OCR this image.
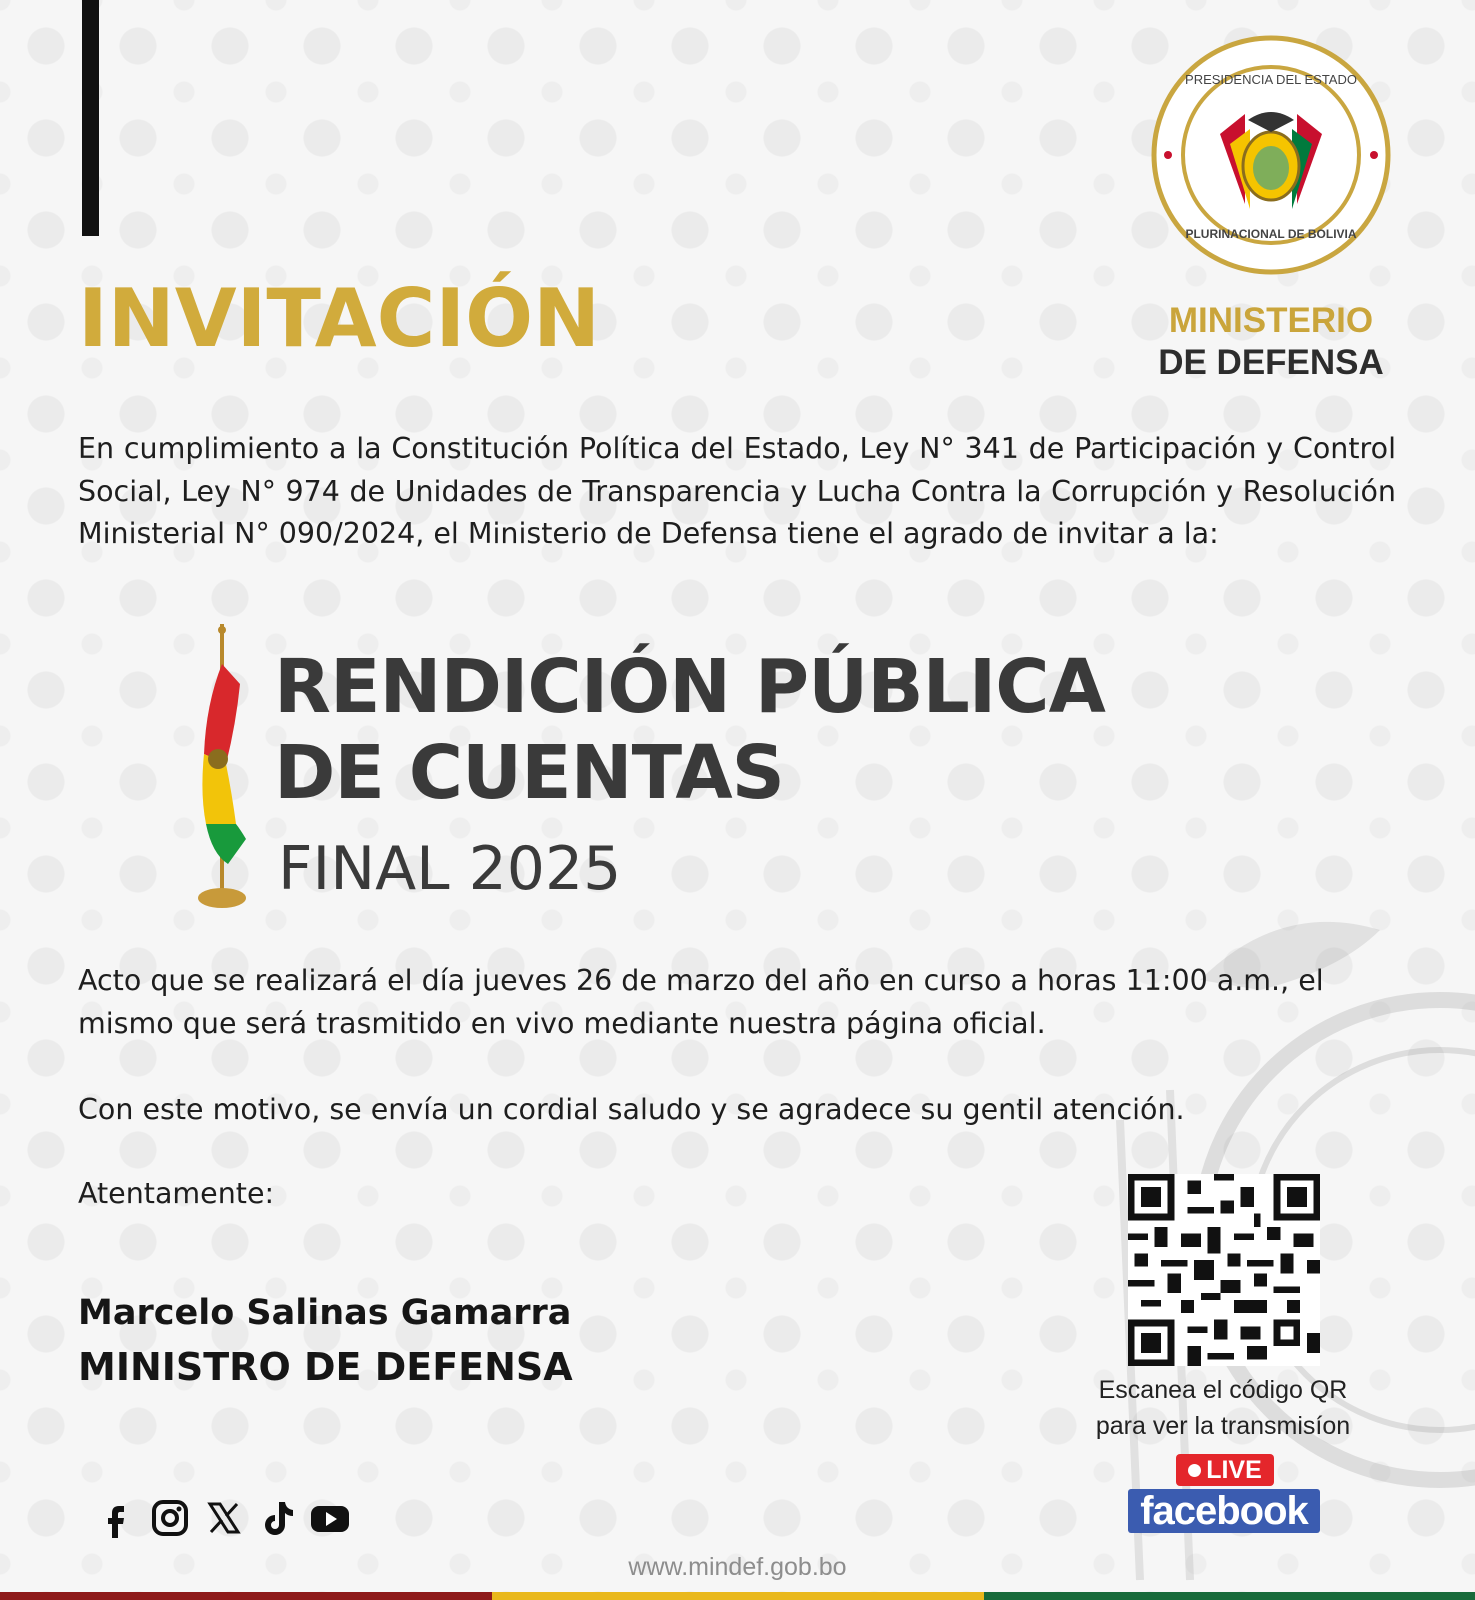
PRESIDENCIA DEL ESTADO
PLURINACIONAL DE BOLIVIA
MINISTERIO
DE DEFENSA
INVITACIÓN
En cumplimiento a la Constitución Política del Estado, Ley N° 341 de Participación y Control Social, Ley N° 974 de Unidades de Transparencia y Lucha Contra la Corrupción y Resolución Ministerial N° 090/2024, el Ministerio de Defensa tiene el agrado de invitar a la:
RENDICIÓN PÚBLICA
DE CUENTAS
FINAL 2025
Acto que se realizará el día jueves 26 de marzo del año en curso a horas 11:00 a.m., el mismo que será trasmitido en vivo mediante nuestra página oficial.
Con este motivo, se envía un cordial saludo y se agradece su gentil atención.
Atentamente:
Marcelo Salinas Gamarra
MINISTRO DE DEFENSA
Escanea el código QR
para ver la transmisíon
LIVE
facebook
www.mindef.gob.bo
